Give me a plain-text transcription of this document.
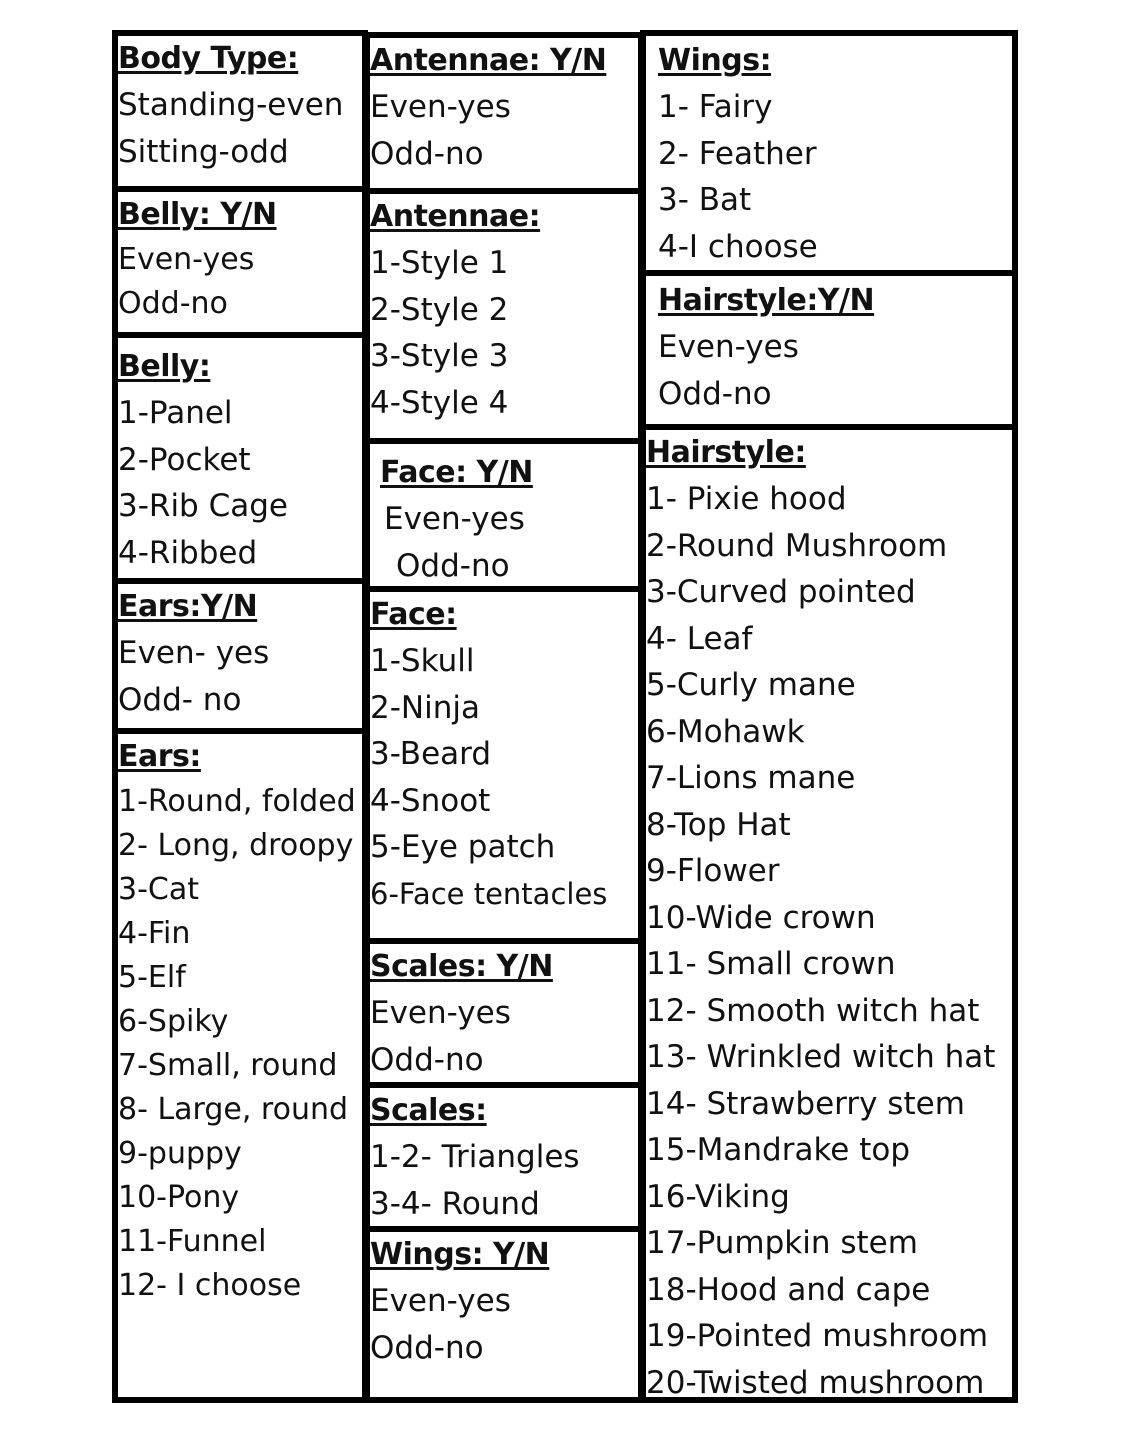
Body Type:
Standing-even
Sitting-odd
Belly: Y/N
Even-yes
Odd-no
Belly:
1-Panel
2-Pocket
3-Rib Cage
4-Ribbed
Ears:Y/N
Even- yes
Odd- no
Ears:
1-Round, folded
2- Long, droopy
3-Cat
4-Fin
5-Elf
6-Spiky
7-Small, round
8- Large, round
9-puppy
10-Pony
11-Funnel
12- I choose
Antennae: Y/N
Even-yes
Odd-no
Antennae:
1-Style 1
2-Style 2
3-Style 3
4-Style 4
Face: Y/N
Even-yes
Odd-no
Face:
1-Skull
2-Ninja
3-Beard
4-Snoot
5-Eye patch
6-Face tentacles
Scales: Y/N
Even-yes
Odd-no
Scales:
1-2- Triangles
3-4- Round
Wings: Y/N
Even-yes
Odd-no
Wings:
1- Fairy
2- Feather
3- Bat
4-I choose
Hairstyle:Y/N
Even-yes
Odd-no
Hairstyle:
1- Pixie hood
2-Round Mushroom
3-Curved pointed
4- Leaf
5-Curly mane
6-Mohawk
7-Lions mane
8-Top Hat
9-Flower
10-Wide crown
11- Small crown
12- Smooth witch hat
13- Wrinkled witch hat
14- Strawberry stem
15-Mandrake top
16-Viking
17-Pumpkin stem
18-Hood and cape
19-Pointed mushroom
20-Twisted mushroom
